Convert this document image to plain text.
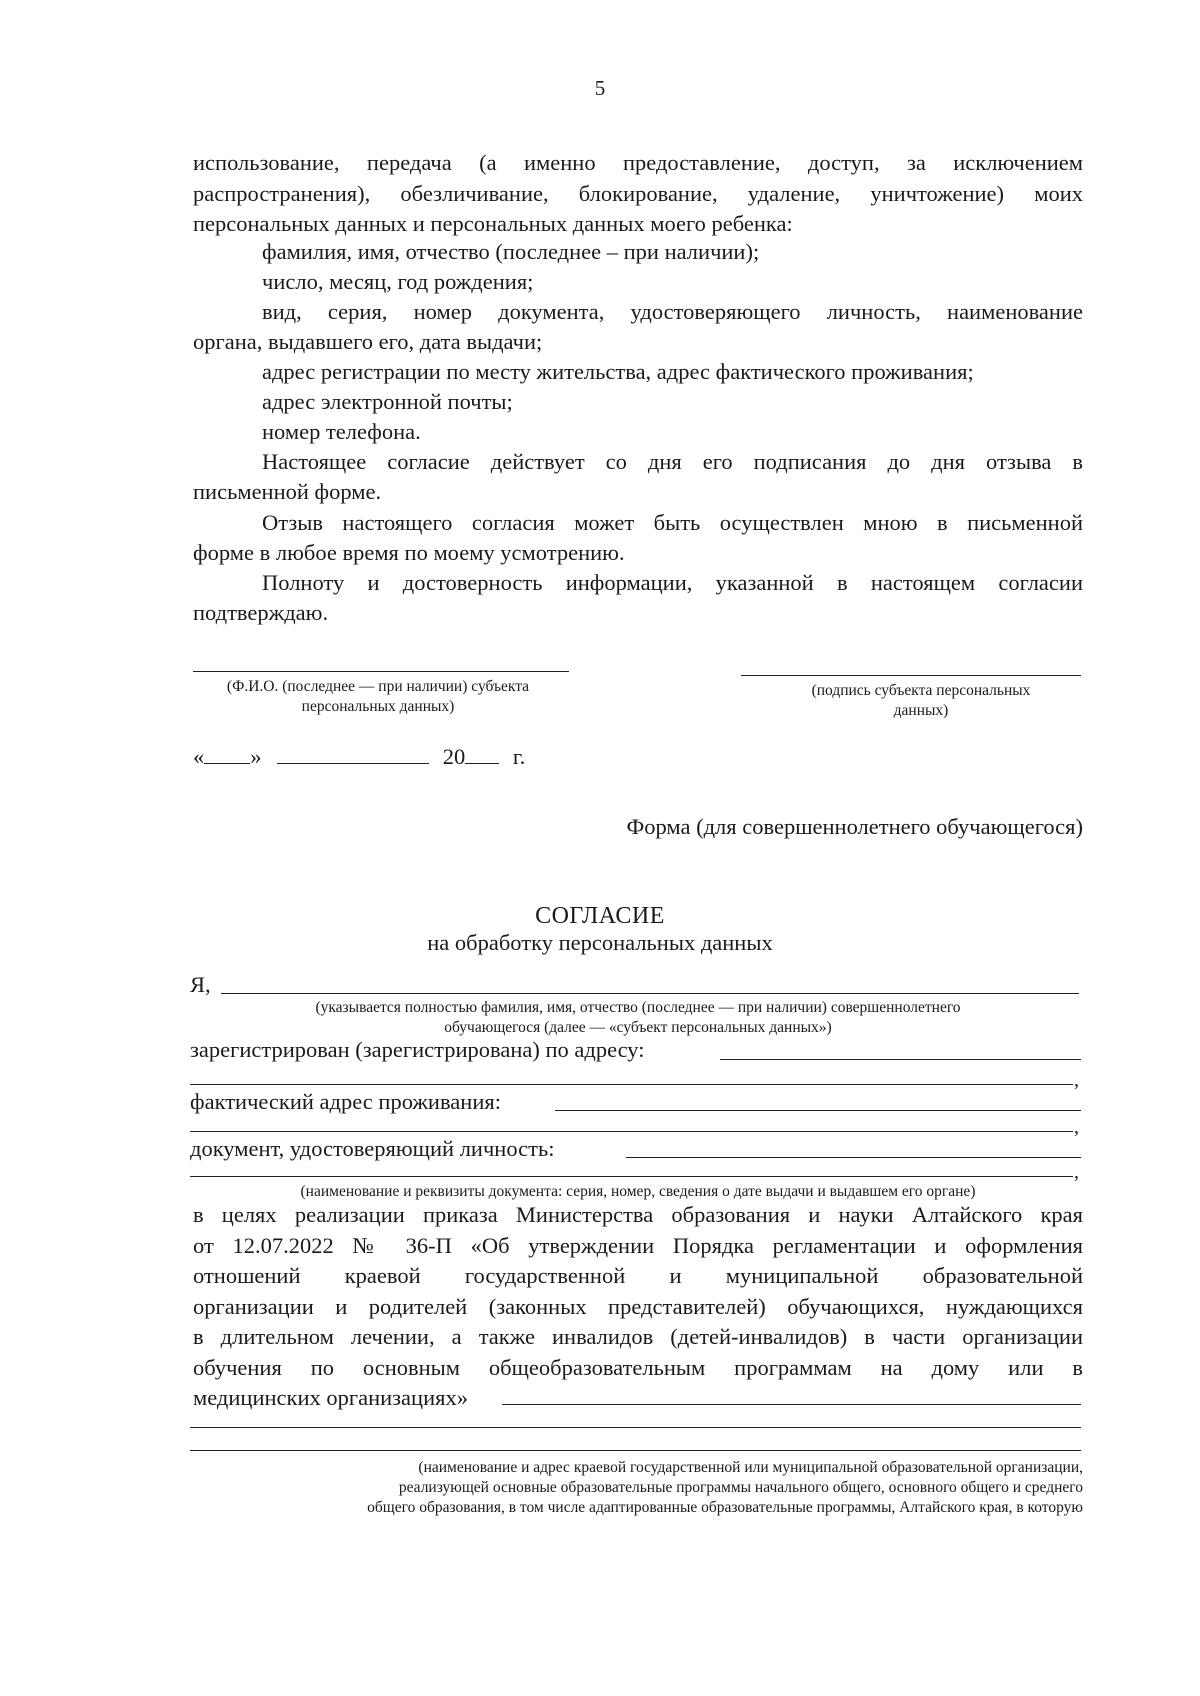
5
использование, передача (а именно предоставление, доступ, за исключением
распространения), обезличивание, блокирование, удаление, уничтожение) моих
персональных данных и персональных данных моего ребенка:

фамилия, имя, отчество (последнее – при наличии);

число, месяц, год рождения;

вид, серия, номер документа, удостоверяющего личность, наименование

органа, выдавшего его, дата выдачи;

адрес регистрации по месту жительства, адрес фактического проживания;

адрес электронной почты;

номер телефона.

Настоящее согласие действует со дня его подписания до дня отзыва в

письменной форме.

Отзыв настоящего согласия может быть осуществлен мною в письменной

форме в любое время по моему усмотрению.

Полноту и достоверность информации, указанной в настоящем согласии

подтверждаю.

(Ф.И.О. (последнее — при наличии) субъекта
персональных данных)
(подпись субъекта персональных
данных)
« »	20 г.
Форма (для совершеннолетнего обучающегося)
СОГЛАСИЕ
на обработку персональных данных
Я,
(указывается полностью фамилия, имя, отчество (последнее — при наличии) совершеннолетнего
обучающегося (далее — «субъект персональных данных»)
зарегистрирован (зарегистрирована) по адресу:
,
фактический адрес проживания:
,
документ, удостоверяющий личность:
,
(наименование и реквизиты документа: серия, номер, сведения о дате выдачи и выдавшем его органе)
в целях реализации приказа Министерства образования и науки Алтайского края
от 12.07.2022 № 36-П «Об утверждении Порядка регламентации и оформления
отношений краевой государственной и муниципальной образовательной
организации и родителей (законных представителей) обучающихся, нуждающихся
в длительном лечении, а также инвалидов (детей-инвалидов) в части организации
обучения по основным общеобразовательным программам на дому или в
медицинских организациях»
(наименование и адрес краевой государственной или муниципальной образовательной организации,
реализующей основные образовательные программы начального общего, основного общего и среднего
общего образования, в том числе адаптированные образовательные программы, Алтайского края, в которую
